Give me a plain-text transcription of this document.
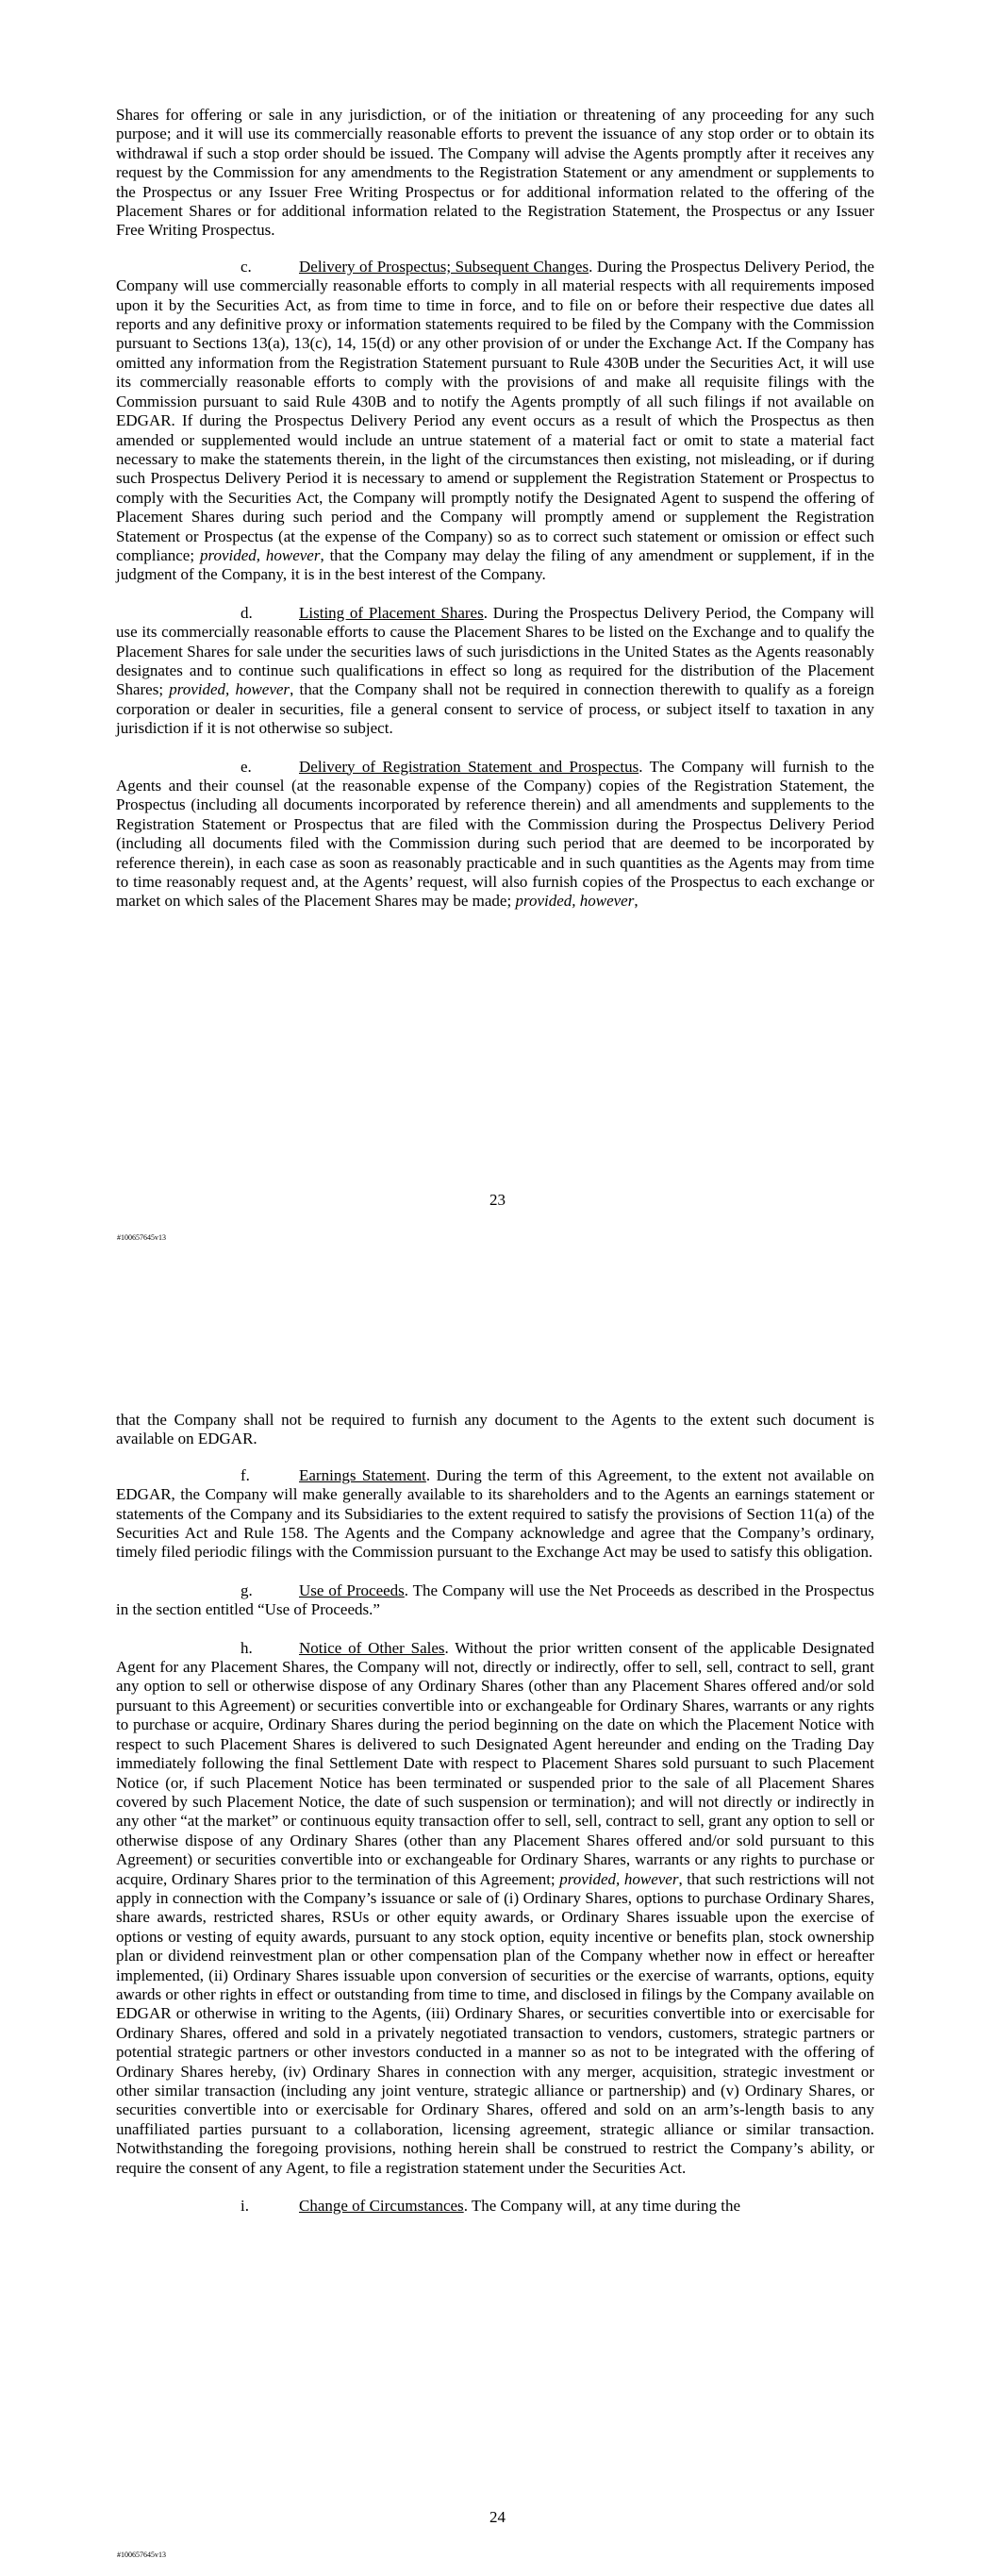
Shares for offering or sale in any jurisdiction, or of the initiation or threatening of any proceeding for any such purpose; and it will use its commercially reasonable efforts to prevent the issuance of any stop order or to obtain its withdrawal if such a stop order should be issued. The Company will advise the Agents promptly after it receives any request by the Commission for any amendments to the Registration Statement or any amendment or supplements to the Prospectus or any Issuer Free Writing Prospectus or for additional information related to the offering of the Placement Shares or for additional information related to the Registration Statement, the Prospectus or any Issuer Free Writing Prospectus.

c.	Delivery of Prospectus; Subsequent Changes. During the Prospectus Delivery Period, the Company will use commercially reasonable efforts to comply in all material respects with all requirements imposed upon it by the Securities Act, as from time to time in force, and to file on or before their respective due dates all reports and any definitive proxy or information statements required to be filed by the Company with the Commission pursuant to Sections 13(a), 13(c), 14, 15(d) or any other provision of or under the Exchange Act. If the Company has omitted any information from the Registration Statement pursuant to Rule 430B under the Securities Act, it will use its commercially reasonable efforts to comply with the provisions of and make all requisite filings with the Commission pursuant to said Rule 430B and to notify the Agents promptly of all such filings if not available on EDGAR. If during the Prospectus Delivery Period any event occurs as a result of which the Prospectus as then amended or supplemented would include an untrue statement of a material fact or omit to state a material fact necessary to make the statements therein, in the light of the circumstances then existing, not misleading, or if during such Prospectus Delivery Period it is necessary to amend or supplement the Registration Statement or Prospectus to comply with the Securities Act, the Company will promptly notify the Designated Agent to suspend the offering of Placement Shares during such period and the Company will promptly amend or supplement the Registration Statement or Prospectus (at the expense of the Company) so as to correct such statement or omission or effect such compliance; provided, however, that the Company may delay the filing of any amendment or supplement, if in the judgment of the Company, it is in the best interest of the Company.

d.	Listing of Placement Shares. During the Prospectus Delivery Period, the Company will use its commercially reasonable efforts to cause the Placement Shares to be listed on the Exchange and to qualify the Placement Shares for sale under the securities laws of such jurisdictions in the United States as the Agents reasonably designates and to continue such qualifications in effect so long as required for the distribution of the Placement Shares; provided, however, that the Company shall not be required in connection therewith to qualify as a foreign corporation or dealer in securities, file a general consent to service of process, or subject itself to taxation in any jurisdiction if it is not otherwise so subject.

e.	Delivery of Registration Statement and Prospectus. The Company will furnish to the Agents and their counsel (at the reasonable expense of the Company) copies of the Registration Statement, the Prospectus (including all documents incorporated by reference therein) and all amendments and supplements to the Registration Statement or Prospectus that are filed with the Commission during the Prospectus Delivery Period (including all documents filed with the Commission during such period that are deemed to be incorporated by reference therein), in each case as soon as reasonably practicable and in such quantities as the Agents may from time to time reasonably request and, at the Agents’ request, will also furnish copies of the Prospectus to each exchange or market on which sales of the Placement Shares may be made; provided, however,

23
#100657645v13

that the Company shall not be required to furnish any document to the Agents to the extent such document is available on EDGAR.

f.	Earnings Statement. During the term of this Agreement, to the extent not available on EDGAR, the Company will make generally available to its shareholders and to the Agents an earnings statement or statements of the Company and its Subsidiaries to the extent required to satisfy the provisions of Section 11(a) of the Securities Act and Rule 158. The Agents and the Company acknowledge and agree that the Company’s ordinary, timely filed periodic filings with the Commission pursuant to the Exchange Act may be used to satisfy this obligation.

g.	Use of Proceeds. The Company will use the Net Proceeds as described in the Prospectus in the section entitled “Use of Proceeds.”

h.	Notice of Other Sales. Without the prior written consent of the applicable Designated Agent for any Placement Shares, the Company will not, directly or indirectly, offer to sell, sell, contract to sell, grant any option to sell or otherwise dispose of any Ordinary Shares (other than any Placement Shares offered and/or sold pursuant to this Agreement) or securities convertible into or exchangeable for Ordinary Shares, warrants or any rights to purchase or acquire, Ordinary Shares during the period beginning on the date on which the Placement Notice with respect to such Placement Shares is delivered to such Designated Agent hereunder and ending on the Trading Day immediately following the final Settlement Date with respect to Placement Shares sold pursuant to such Placement Notice (or, if such Placement Notice has been terminated or suspended prior to the sale of all Placement Shares covered by such Placement Notice, the date of such suspension or termination); and will not directly or indirectly in any other “at the market” or continuous equity transaction offer to sell, sell, contract to sell, grant any option to sell or otherwise dispose of any Ordinary Shares (other than any Placement Shares offered and/or sold pursuant to this Agreement) or securities convertible into or exchangeable for Ordinary Shares, warrants or any rights to purchase or acquire, Ordinary Shares prior to the termination of this Agreement; provided, however, that such restrictions will not apply in connection with the Company’s issuance or sale of (i) Ordinary Shares, options to purchase Ordinary Shares, share awards, restricted shares, RSUs or other equity awards, or Ordinary Shares issuable upon the exercise of options or vesting of equity awards, pursuant to any stock option, equity incentive or benefits plan, stock ownership plan or dividend reinvestment plan or other compensation plan of the Company whether now in effect or hereafter implemented, (ii) Ordinary Shares issuable upon conversion of securities or the exercise of warrants, options, equity awards or other rights in effect or outstanding from time to time, and disclosed in filings by the Company available on EDGAR or otherwise in writing to the Agents, (iii) Ordinary Shares, or securities convertible into or exercisable for Ordinary Shares, offered and sold in a privately negotiated transaction to vendors, customers, strategic partners or potential strategic partners or other investors conducted in a manner so as not to be integrated with the offering of Ordinary Shares hereby, (iv) Ordinary Shares in connection with any merger, acquisition, strategic investment or other similar transaction (including any joint venture, strategic alliance or partnership) and (v) Ordinary Shares, or securities convertible into or exercisable for Ordinary Shares, offered and sold on an arm’s-length basis to any unaffiliated parties pursuant to a collaboration, licensing agreement, strategic alliance or similar transaction. Notwithstanding the foregoing provisions, nothing herein shall be construed to restrict the Company’s ability, or require the consent of any Agent, to file a registration statement under the Securities Act.

i.	Change of Circumstances. The Company will, at any time during the

24
#100657645v13
